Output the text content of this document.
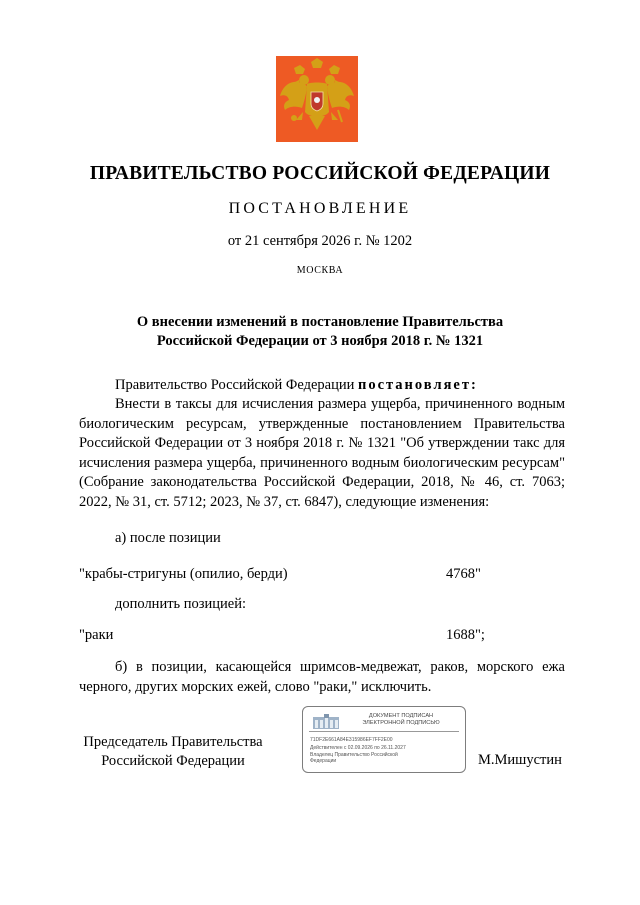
ПРАВИТЕЛЬСТВО РОССИЙСКОЙ ФЕДЕРАЦИИ
ПОСТАНОВЛЕНИЕ
от 21 сентября 2026 г. № 1202
МОСКВА
О внесении изменений в постановление Правительства
Российской Федерации от 3 ноября 2018 г. № 1321
Правительство Российской Федерации постановляет:
Внести в таксы для исчисления размера ущерба, причиненного водным биологическим ресурсам, утвержденные постановлением Правительства Российской Федерации от 3 ноября 2018 г. № 1321 "Об утверждении такс для исчисления размера ущерба, причиненного водным биологическим ресурсам" (Собрание законодательства Российской Федерации, 2018, № 46, ст. 7063; 2022, № 31, ст. 5712; 2023, № 37, ст. 6847), следующие изменения:
а) после позиции
"крабы-стригуны (опилио, берди)	4768"
дополнить позицией:
"раки	1688";
б) в позиции, касающейся шримсов-медвежат, раков, морского ежа черного, других морских ежей, слово "раки," исключить.
Председатель Правительства
Российской Федерации
ДОКУМЕНТ ПОДПИСАН
ЭЛЕКТРОННОЙ ПОДПИСЬЮ
71DF2E661A84E315986EF7FF2E00
Действителен с 02.09.2026 по 26.11.2027
Владелец Правительство Российской
Федерации	М.Мишустин
